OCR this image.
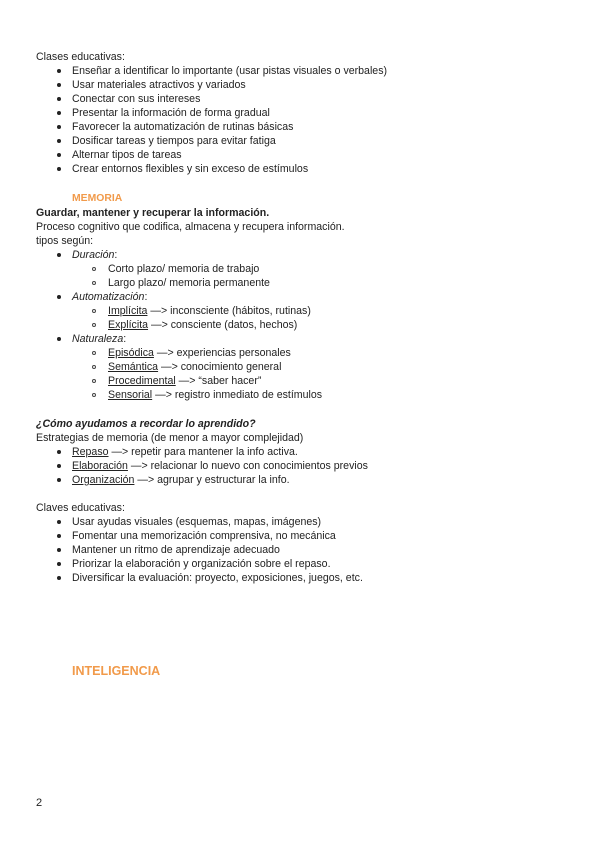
Clases educativas:
Enseñar a identificar lo importante (usar pistas visuales o verbales)
Usar materiales atractivos y variados
Conectar con sus intereses
Presentar la información de forma gradual
Favorecer la automatización de rutinas básicas
Dosificar tareas y tiempos para evitar fatiga
Alternar tipos de tareas
Crear entornos flexibles y sin exceso de estímulos
MEMORIA
Guardar, mantener y recuperar la información.
Proceso cognitivo que codifica, almacena y recupera información.
tipos según:
Duración:
Corto plazo/ memoria de trabajo
Largo plazo/ memoria permanente
Automatización:
Implícita —> inconsciente (hábitos, rutinas)
Explícita —> consciente (datos, hechos)
Naturaleza:
Episódica —> experiencias personales
Semántica —> conocimiento general
Procedimental —> “saber hacer”
Sensorial —> registro inmediato de estímulos
¿Cómo ayudamos a recordar lo aprendido?
Estrategias de memoria (de menor a mayor complejidad)
Repaso —> repetir para mantener la info activa.
Elaboración —> relacionar lo nuevo con conocimientos previos
Organización —> agrupar y estructurar la info.
Claves educativas:
Usar ayudas visuales (esquemas, mapas, imágenes)
Fomentar una memorización comprensiva, no mecánica
Mantener un ritmo de aprendizaje adecuado
Priorizar la elaboración y organización sobre el repaso.
Diversificar la evaluación: proyecto, exposiciones, juegos, etc.
INTELIGENCIA
2
